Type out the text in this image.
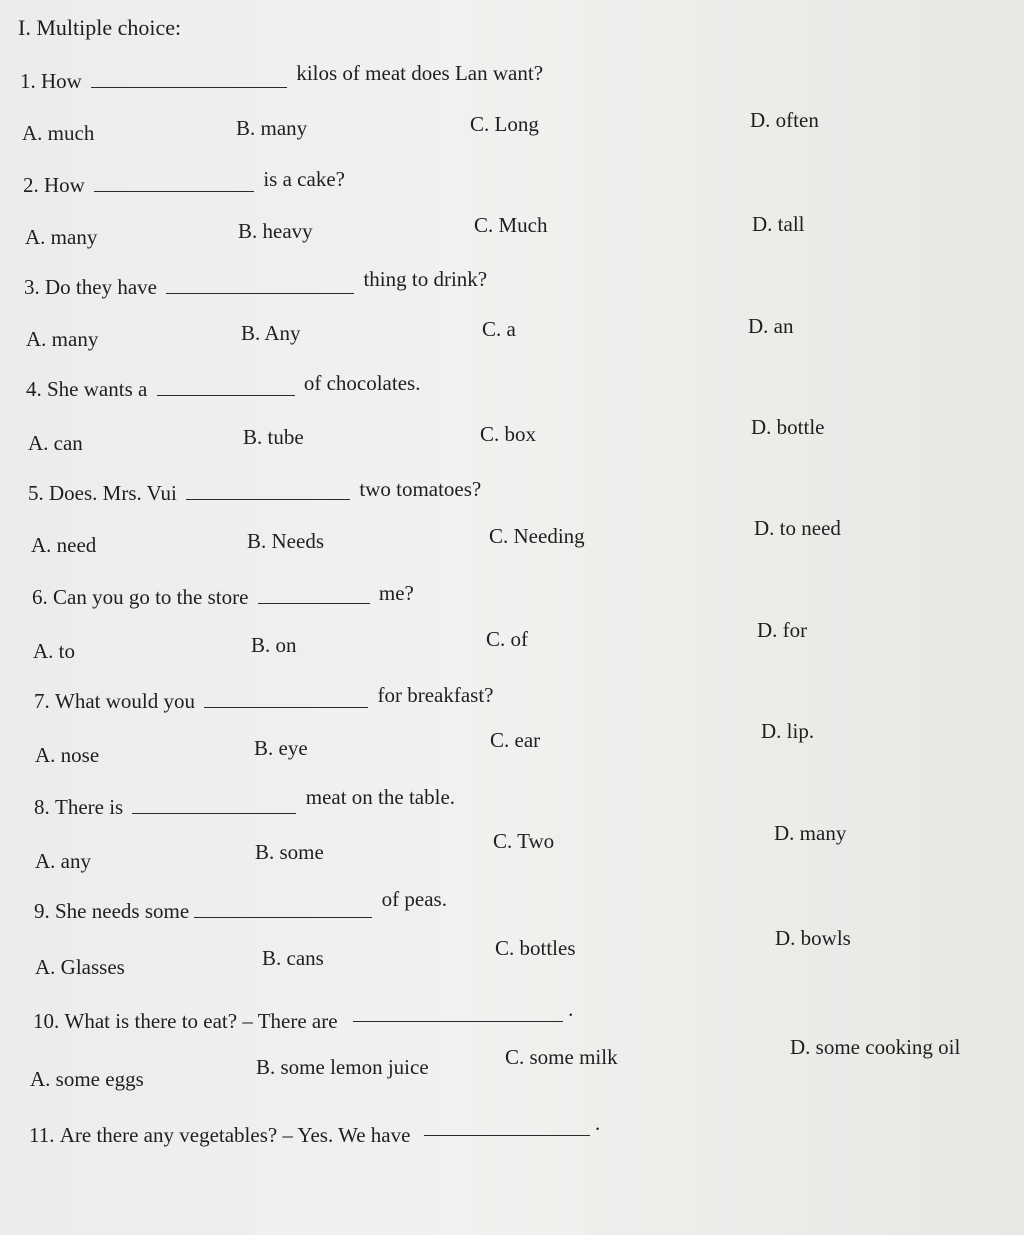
I. Multiple choice:
1. How	kilos of meat does Lan want?
A. much	B. many	C. Long	D. often
2. How	is a cake?
A. many	B. heavy	C. Much	D. tall
3. Do they have	thing to drink?
A. many	B. Any	C. a	D. an
4. She wants a	of chocolates.
A. can	B. tube	C. box	D. bottle
5. Does. Mrs. Vui	two tomatoes?
A. need	B. Needs	C. Needing	D. to need
6. Can you go to the store	me?
A. to	B. on	C. of	D. for
7. What would you	for breakfast?
A. nose	B. eye	C. ear	D. lip.
8. There is	meat on the table.
A. any	B. some	C. Two	D. many
9. She needs some	of peas.
A. Glasses	B. cans	C. bottles	D. bowls
10. What is there to eat? – There are	.
A. some eggs	B. some lemon juice	C. some milk	D. some cooking oil
11. Are there any vegetables? – Yes. We have	.
